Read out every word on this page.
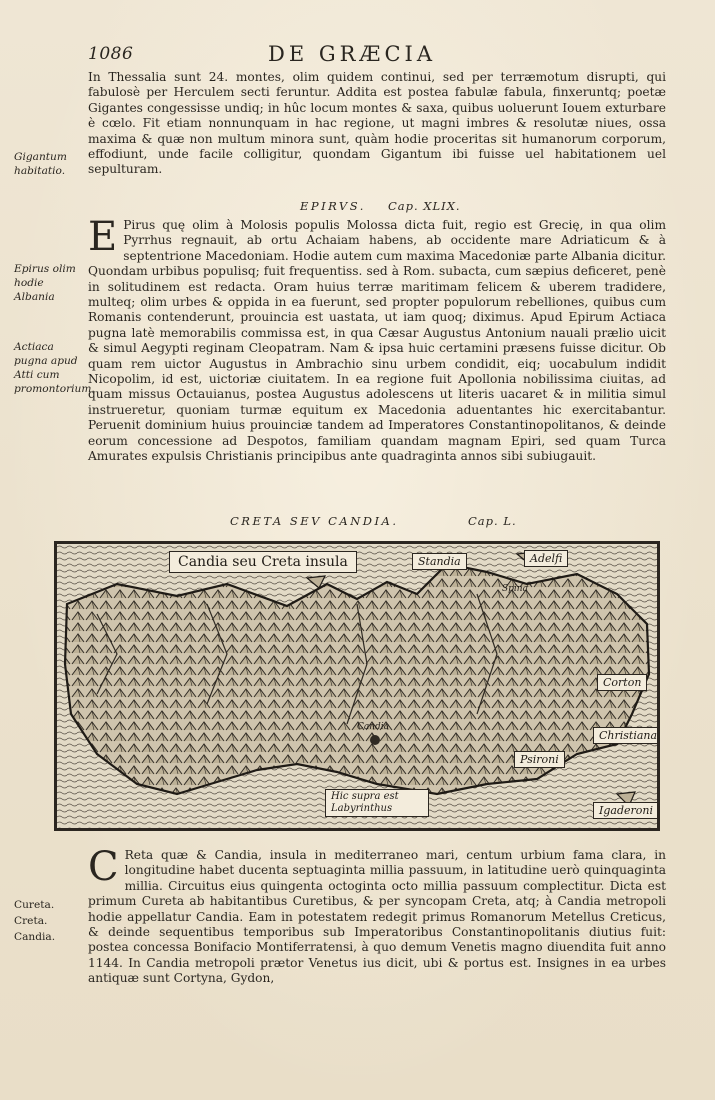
1086	DE GRÆCIA

In Thessalia sunt 24. montes, olim quidem continui, sed per terræmotum disrupti, qui fabulosè per Herculem secti feruntur. Addita est postea fabulæ fabula, finxeruntq; poetæ Gigantes congessisse undiq; in hûc locum montes & saxa, quibus uoluerunt Iouem exturbare è cœlo. Fit etiam nonnunquam in hac regione, ut magni imbres & resolutæ niues, ossa maxima & quæ non multum minora sunt, quàm hodie proceritas sit humanorum corporum, effodiunt, unde facile colligitur, quondam Gigantum ibi fuisse uel habitationem uel sepulturam.

Gigantum habitatio.

EPIRVS. Cap. XLIX.
E Pirus quę olim à Molosis populis Molossa dicta fuit, regio est Grecię, in qua olim Pyrrhus regnauit, ab ortu Achaiam habens, ab occidente mare Adriaticum & à septentrione Macedoniam. Hodie autem cum maxima Macedoniæ parte Albania dicitur. Quondam urbibus populisq; fuit frequentiss. sed à Rom. subacta, cum sæpius deficeret, penè in solitudinem est redacta. Oram huius terræ maritimam felicem & uberem tradidere, multeq; olim urbes & oppida in ea fuerunt, sed propter populorum rebelliones, quibus cum Romanis contenderunt, prouincia est uastata, ut iam quoq; diximus. Apud Epirum Actiaca pugna latè memorabilis commissa est, in qua Cæsar Augustus Antonium nauali prælio uicit & simul Aegypti reginam Cleopatram. Nam & ipsa huic certamini præsens fuisse dicitur. Ob quam rem uictor Augustus in Ambrachio sinu urbem condidit, eiq; uocabulum indidit Nicopolim, id est, uictoriæ ciuitatem. In ea regione fuit Apollonia nobilissima ciuitas, ad quam missus Octauianus, postea Augustus adolescens ut literis uacaret & in militia simul instrueretur, quoniam turmæ equitum ex Macedonia aduentantes hic exercitabantur. Peruenit dominium huius prouinciæ tandem ad Imperatores Constantinopolitanos, & deinde eorum concessione ad Despotos, familiam quandam magnam Epiri, sed quam Turca Amurates expulsis Christianis principibus ante quadraginta annos sibi subiugauit.

Epirus olim hodie Albania

Actiaca pugna apud Atti cum promontorium.

CRETA SEV CANDIA.	Cap. L.
Candia seu Creta insula	Standia	Adelfi
Spina
Corton
Christiana
Psironi
Candia
Hic supra est Labyrinthus	Igaderoni
C Reta quæ & Candia, insula in mediterraneo mari, centum urbium fama clara, in longitudine habet ducenta septuaginta millia passuum, in latitudine uerò quinquaginta millia. Circuitus eius quingenta octoginta octo millia passuum complectitur. Dicta est primum Cureta ab habitantibus Curetibus, & per syncopam Creta, atq; à Candia metropoli hodie appellatur Candia. Eam in potestatem redegit primus Romanorum Metellus Creticus, & deinde sequentibus temporibus sub Imperatoribus Constantinopolitanis diutius fuit: postea concessa Bonifacio Montiferratensi, à quo demum Venetis magno diuendita fuit anno 1144. In Candia metropoli prætor Venetus ius dicit, ubi & portus est. Insignes in ea urbes antiquæ sunt Cortyna, Gydon,

Cureta.

Creta.

Candia.
